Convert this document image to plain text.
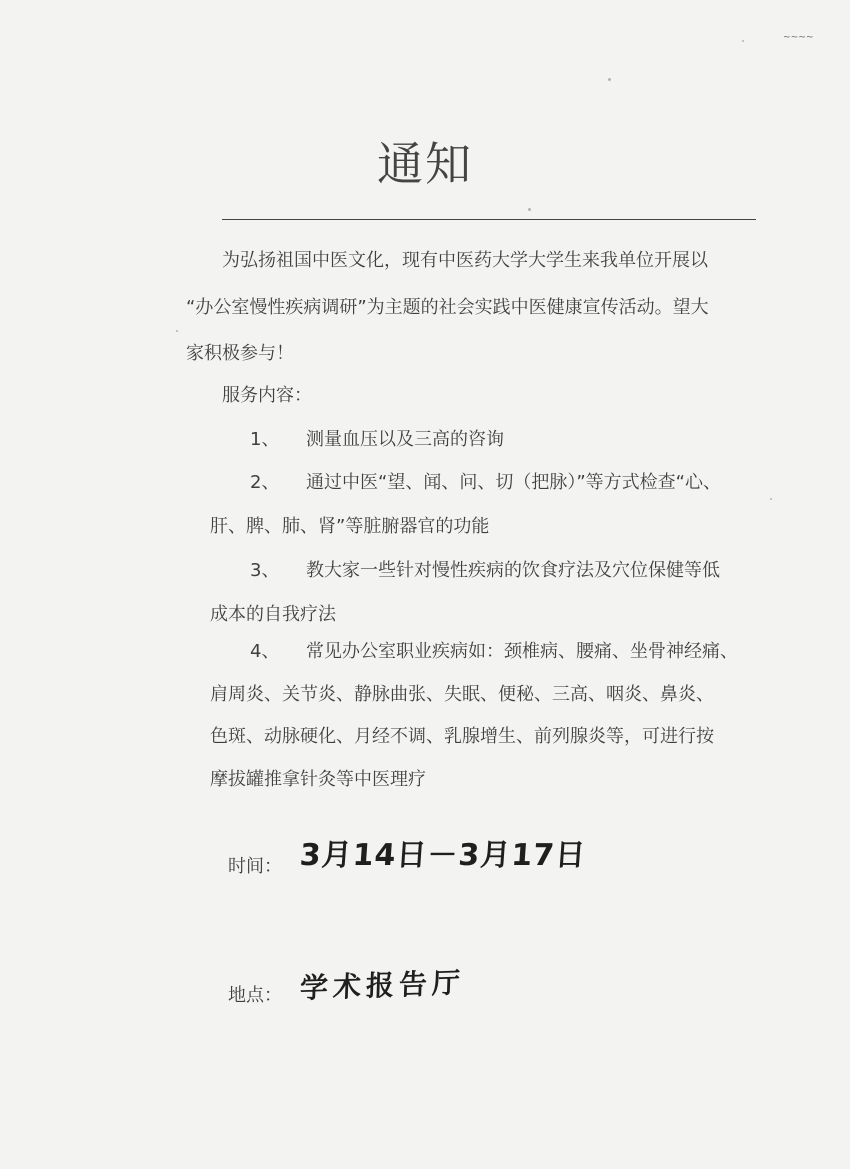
~~~~
通知
为弘扬祖国中医文化，现有中医药大学大学生来我单位开展以
“办公室慢性疾病调研”为主题的社会实践中医健康宣传活动。望大
家积极参与！
服务内容：
1、 测量血压以及三高的咨询
2、 通过中医“望、闻、问、切（把脉）”等方式检查“心、
肝、脾、肺、肾”等脏腑器官的功能
3、 教大家一些针对慢性疾病的饮食疗法及穴位保健等低
成本的自我疗法
4、 常见办公室职业疾病如：颈椎病、腰痛、坐骨神经痛、
肩周炎、关节炎、静脉曲张、失眠、便秘、三高、咽炎、鼻炎、
色斑、动脉硬化、月经不调、乳腺增生、前列腺炎等，可进行按
摩拔罐推拿针灸等中医理疗
时间： 3月14日－3月17日
地点： 学术报告厅
